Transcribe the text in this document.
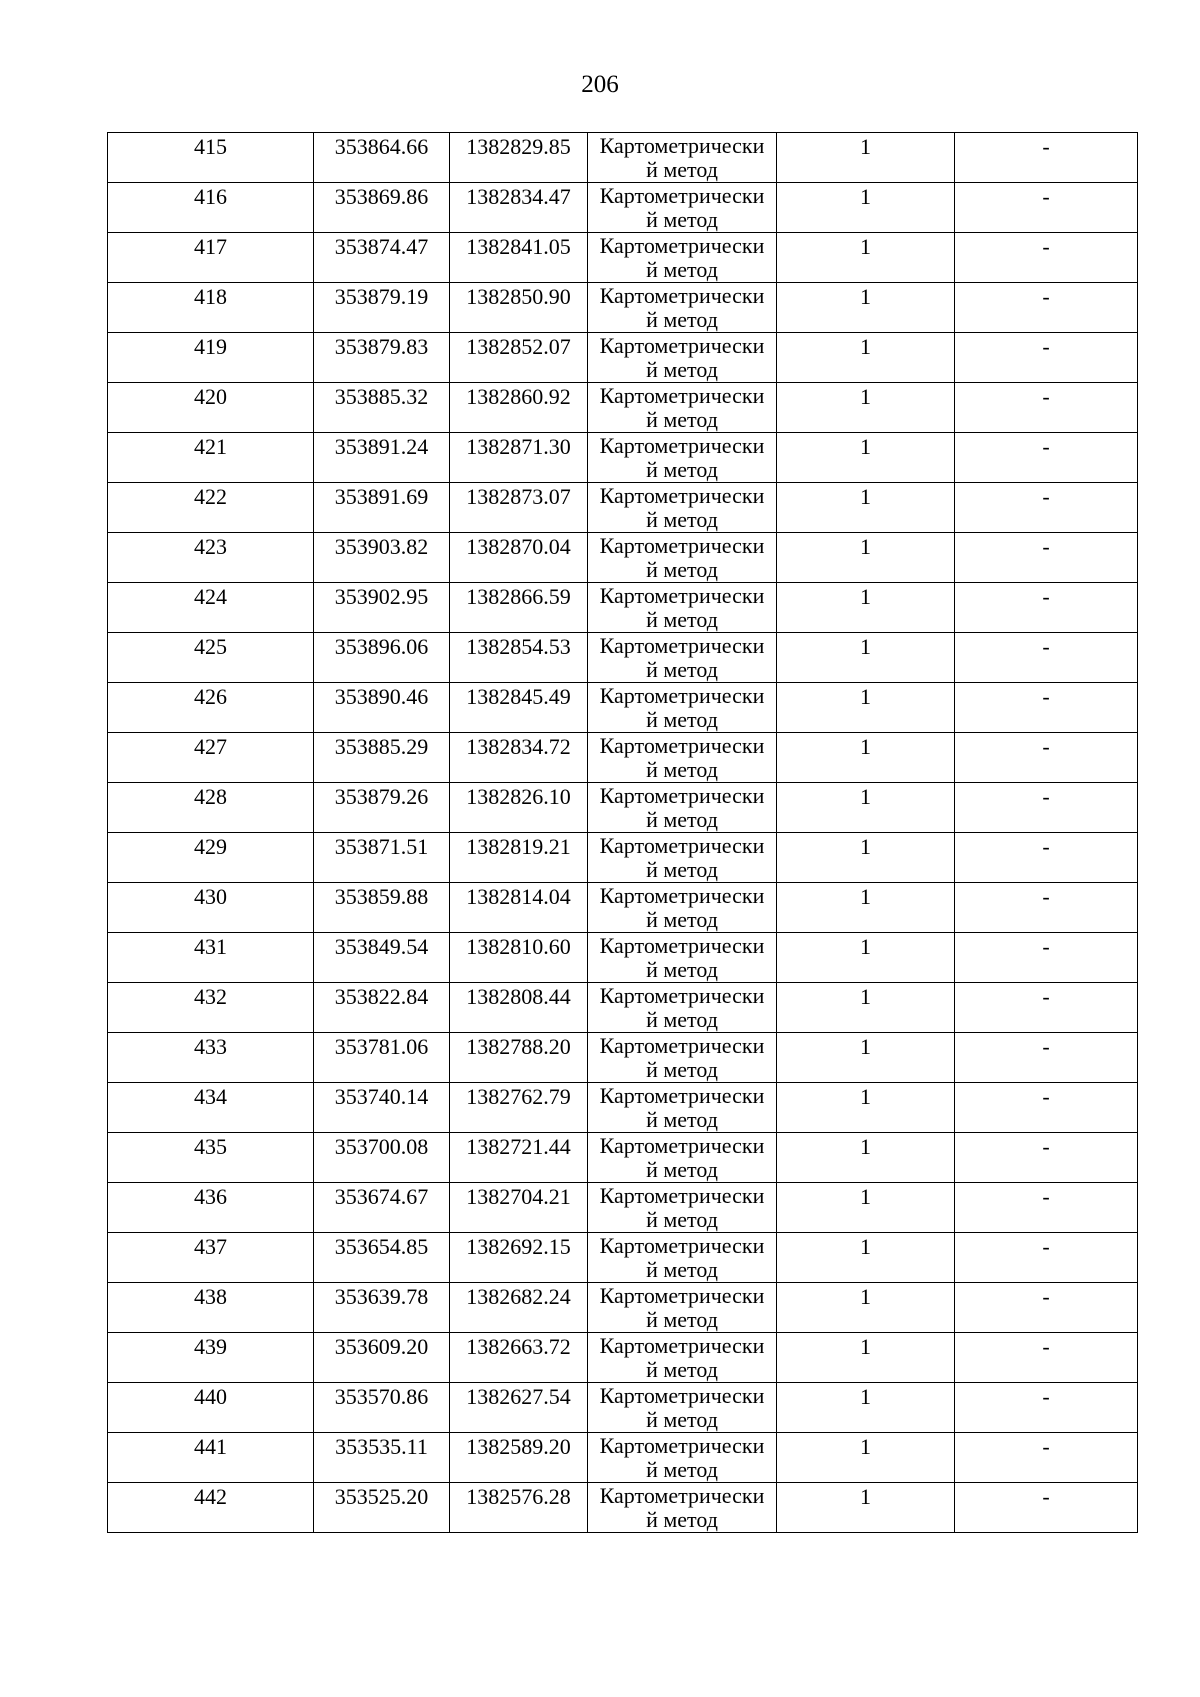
206
415	353864.66	1382829.85	Картометрически
й метод	1	-

416	353869.86	1382834.47	Картометрически
й метод	1	-

417	353874.47	1382841.05	Картометрически
й метод	1	-

418	353879.19	1382850.90	Картометрически
й метод	1	-

419	353879.83	1382852.07	Картометрически
й метод	1	-

420	353885.32	1382860.92	Картометрически
й метод	1	-

421	353891.24	1382871.30	Картометрически
й метод	1	-

422	353891.69	1382873.07	Картометрически
й метод	1	-

423	353903.82	1382870.04	Картометрически
й метод	1	-

424	353902.95	1382866.59	Картометрически
й метод	1	-

425	353896.06	1382854.53	Картометрически
й метод	1	-

426	353890.46	1382845.49	Картометрически
й метод	1	-

427	353885.29	1382834.72	Картометрически
й метод	1	-

428	353879.26	1382826.10	Картометрически
й метод	1	-

429	353871.51	1382819.21	Картометрически
й метод	1	-

430	353859.88	1382814.04	Картометрически
й метод	1	-

431	353849.54	1382810.60	Картометрически
й метод	1	-

432	353822.84	1382808.44	Картометрически
й метод	1	-

433	353781.06	1382788.20	Картометрически
й метод	1	-

434	353740.14	1382762.79	Картометрически
й метод	1	-

435	353700.08	1382721.44	Картометрически
й метод	1	-

436	353674.67	1382704.21	Картометрически
й метод	1	-

437	353654.85	1382692.15	Картометрически
й метод	1	-

438	353639.78	1382682.24	Картометрически
й метод	1	-

439	353609.20	1382663.72	Картометрически
й метод	1	-

440	353570.86	1382627.54	Картометрически
й метод	1	-

441	353535.11	1382589.20	Картометрически
й метод	1	-

442	353525.20	1382576.28	Картометрически
й метод	1	-
